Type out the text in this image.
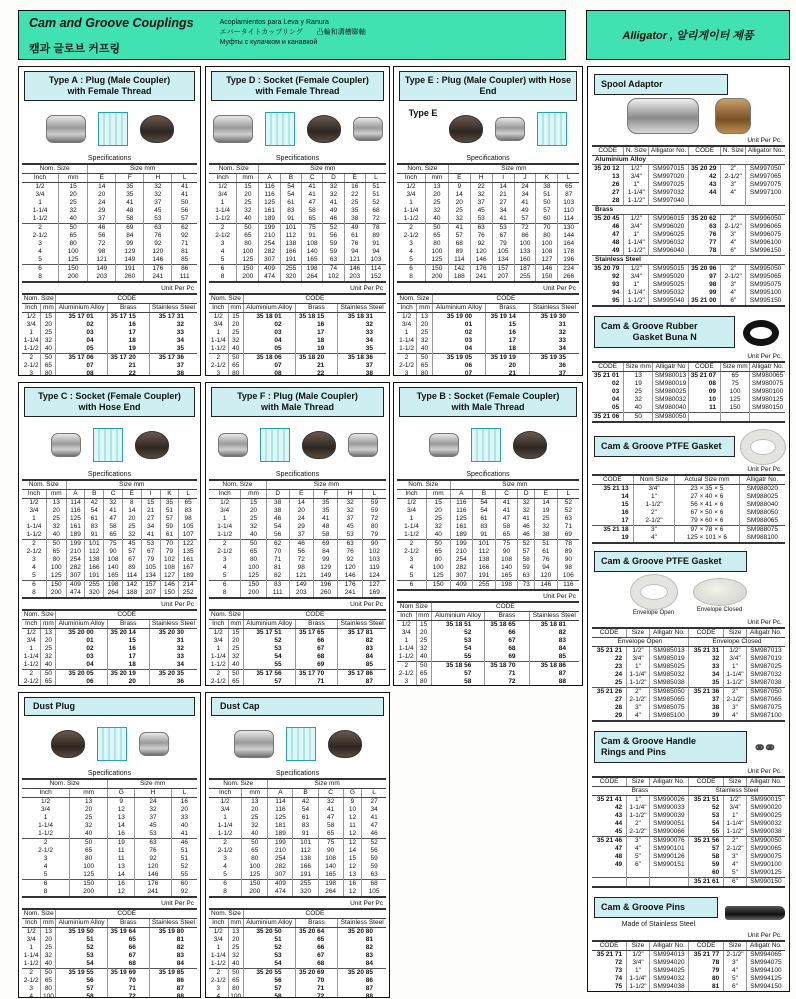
Cam and Groove Couplings
캠과 글로브 커프링
Acoplamientos para Leva y Ranura
エバータイトカップリング　　凸輪和溝槽聯軸
Муфты с кулачком и канавкой
Alligator , 알리게이터 제품
Type A : Plug (Male Coupler)
with Female Thread
Specifications
Nom. Size		Size mm			
Inch	mm	E	F	H	L
1/2	15	14	35	32	41
3/4	20	20	35	32	41
1	25	24	41	37	50
1-1/4	32	29	48	45	56
1-1/2	40	37	58	53	57
2	50	46	69	63	62
2-1/2	65	56	84	76	92
3	80	72	99	92	71
4	100	98	129	120	81
5	125	121	149	146	85
6	150	149	191	176	86
8	200	203	260	241	111
Unit Per Pc
Nom. Size		CODE		
Inch	mm	Aluminium Alloy	Brass	Stainless Steel
1/2	15	35 17 01	35 17 15	35 17 31
3/4	20	02	16	32
1	25	03	17	33
1-1/4	32	04	18	34
1-1/2	40	05	19	35
2	50	35 17 06	35 17 20	35 17 36
2-1/2	65	07	21	37
3	80	08	22	38

Type C : Socket (Female Coupler)
with Hose End
Specifications
Nom. Size		Size mm						
Inch	mm	A	B	C	E	I	K	L
1/2	13	114	42	32	8	15	35	65
3/4	20	116	54	41	14	21	51	83
1	25	125	61	47	20	27	57	98
1-1/4	32	161	83	58	25	34	59	105
1-1/2	40	189	91	65	32	41	61	107
2	50	199	101	75	45	53	70	122
2-1/2	65	210	112	90	57	67	79	135
3	80	254	138	108	67	79	102	161
4	100	282	166	140	89	105	108	167
5	125	307	191	165	114	134	127	189
6	150	409	255	198	142	157	146	214
8	200	474	320	264	188	207	150	252
Unit Per Pc
Nom. Size		CODE		
Inch	mm	Aluminium Alloy	Brass	Stainless Steel
1/2	13	35 20 00	35 20 14	35 20 30
3/4	20	01	15	31
1	25	02	16	32
1-1/4	32	03	17	33
1-1/2	40	04	18	34
2	50	35 20 05	35 20 19	35 20 35
2-1/2	65	06	20	36

Dust Plug
Specifications
Nom. Size		Size mm		
Inch	mm	G	H	L
1/2	13	9	24	16
3/4	20	12	32	20
1	25	13	37	33
1-1/4	32	14	45	40
1-1/2	40	16	53	41
2	50	19	63	46
2-1/2	65	11	76	51
3	80	11	92	51
4	100	13	120	52
5	125	14	146	55
6	150	16	176	60
8	200	12	241	92
Unit Per Pc
Nom. Size		CODE		
Inch	mm	Aluminium Alloy	Brass	Stainless Steel
1/2	13	35 19 50	35 19 64	35 19 80
3/4	20	51	65	81
1	25	52	66	82
1-1/4	32	53	67	83
1-1/2	40	54	68	84
2	50	35 19 55	35 19 69	35 19 85
2-1/2	65	56	70	86
3	80	57	71	87
4	100	58	72	88

Type D : Socket (Female Coupler)
with Female Thread
Specifications
Nom. Size		Size mm					
Inch	mm	A	B	C	D	E	L
1/2	15	116	54	41	32	16	51
3/4	20	116	54	41	32	22	51
1	25	125	61	47	41	25	52
1-1/4	32	161	83	58	49	35	68
1-1/2	40	189	91	65	46	38	72
2	50	199	101	75	52	49	78
2-1/2	65	210	112	91	56	61	89
3	80	254	138	108	59	76	91
4	100	282	166	140	59	94	94
5	125	307	191	165	63	121	103
6	150	409	255	198	74	146	114
8	200	474	320	264	102	203	152
Unit Per Pc
Nom. Size		CODE		
Inch	mm	Aluminium Alloy	Brass	Stainless Steel
1/2	15	35 18 01	35 18 15	35 18 31
3/4	20	02	16	32
1	25	03	17	33
1-1/4	32	04	18	34
1-1/2	40	05	19	35
2	50	35 18 06	35 18 20	35 18 36
2-1/2	65	07	21	37
3	80	08	22	38

Type F : Plug (Male Coupler)
with Male Thread
Specifications
Nom. Size		Size mm				
Inch	mm	D	E	F	H	L
1/2	15	38	14	35	32	59
3/4	20	38	20	35	32	59
1	25	46	24	41	37	72
1-1/4	32	54	29	48	45	80
1-1/2	40	56	37	58	53	79
2	50	62	46	69	63	90
2-1/2	65	70	56	84	76	102
3	80	71	72	99	92	103
4	100	81	98	129	120	119
5	125	82	121	149	146	124
6	150	83	149	196	176	127
8	200	111	203	260	241	169
Unit Per Pc
Nom. Size		CODE		
Inch	mm	Aluminium Alloy	Brass	Stainless Steel
1/2	15	35 17 51	35 17 65	35 17 81
3/4	20	52	66	82
1	25	53	67	83
1-1/4	32	54	68	84
1-1/2	40	55	69	85
2	50	35 17 56	35 17 70	35 17 86
2-1/2	65	57	71	87

Dust Cap
Specifications
Nom. Size		Size mm				
Inch	mm	A	B	C	G	L
1/2	13	114	42	32	9	27
3/4	20	116	54	41	10	34
1	25	125	61	47	12	41
1-1/4	32	181	83	58	11	47
1-1/2	40	189	91	65	12	46
2	50	199	101	75	12	52
2-1/2	65	210	112	90	14	56
3	80	254	138	108	15	59
4	100	282	166	140	12	59
5	125	307	191	165	13	63
6	150	409	255	198	16	68
8	200	474	320	264	12	105
Unit Per Pc
Nom. Size		CODE		
Inch	mm	Aluminium Alloy	Brass	Stainless Steel
1/2	13	35 20 50	35 20 64	35 20 80
3/4	20	51	65	81
1	25	52	66	82
1-1/4	32	53	67	83
1-1/2	40	54	68	84
2	50	35 20 55	35 20 69	35 20 85
2-1/2	65	56	70	86
3	80	57	71	87
4	100	58	72	88

Type E : Plug (Male Coupler) with Hose End
Type E
Specifications
Nom. Size		Size mm					
Inch	mm	E	H	I	J	K	L
1/2	13	9	22	14	24	38	65
3/4	20	14	32	21	34	51	87
1	25	20	37	27	41	50	103
1-1/4	32	25	45	34	49	57	110
1-1/2	40	32	53	41	57	60	114
2	50	41	63	53	72	70	130
2-1/2	65	57	76	67	86	80	144
3	80	68	92	79	100	100	164
4	100	89	120	105	133	108	178
5	125	114	146	134	160	127	196
6	150	142	176	157	187	146	224
8	200	188	241	207	255	150	266
Unit Per Pc
Nom. Size		CODE		
Inch	mm	Aluminium Alloy	Brass	Stainless Steel
1/2	13	35 19 00	35 19 14	35 19 30
3/4	20	01	15	31
1	25	02	16	32
1-1/4	32	03	17	33
1-1/2	40	04	18	34
2	50	35 19 05	35 19 19	35 19 35
2-1/2	65	06	20	36
3	80	07	21	37

Type B : Socket (Female Coupler)
with Male Thread
Specifications
Nom. Size		Size mm					
Inch	mm	A	B	C	D	E	L
1/2	15	116	54	41	32	14	52
3/4	20	116	54	41	32	19	52
1	25	125	61	47	41	25	63
1-1/4	32	161	83	58	46	32	71
1-1/2	40	189	91	65	46	38	69
2	50	199	101	75	52	51	78
2-1/2	65	210	112	90	57	61	89
3	80	254	138	108	58	76	90
4	100	282	166	140	59	94	98
5	125	307	191	165	63	120	106
6	150	409	255	198	73	146	116
Unit Per Pc
Nom Size		CODE		
Inch	mm	Aluminium Alloy	Brass	Stainless Steel
1/2	15	35 18 51	35 18 65	35 18 81
3/4	20	52	66	82
1	25	53	67	83
1-1/4	32	54	68	84
1-1/2	40	55	69	85
2	50	35 18 56	35 18 70	35 18 86
2-1/2	65	57	71	87
3	80	58	72	88

Spool Adaptor
Unit Per Pc.
CODE	N. Size	Alligator No.	CODE	N. Size	Alligator No.
Aluminium Alloy					
35 20 12	1/2"	SM997015	35 20 29	2"	SM997050
13	3/4"	SM997020	42	2-1/2"	SM997065
26	1"	SM997025	43	3"	SM997075
27	1-1/4"	SM997032	44	4"	SM997100
28	1-1/2"	SM997040			
Brass					
35 20 45	1/2"	SM996015	35 20 62	2"	SM996050
46	3/4"	SM996020	63	2-1/2"	SM996065
47	1"	SM996025	76	3"	SM996075
48	1-1/4"	SM996032	77	4"	SM996100
49	1-1/2"	SM996040	78	6"	SM996150
Stainless Steel					
35 20 79	1/2"	SM995015	35 20 96	2"	SM995050
92	3/4"	SM995020	97	2-1/2"	SM995065
93	1"	SM995025	98	3"	SM995075
94	1-1/4"	SM995032	99	4"	SM995100
95	1-1/2"	SM995040	35 21 00	6"	SM995150
Cam & Groove Rubber
Gasket Buna N
Unit Per Pc.
CODE	Size mm	Alligatr No	CODE	Size mm	Alligatr No.
35 21 01	13	SM980013	35 21 07	65	SM980065
02	19	SM980019	08	75	SM980075
03	25	SM980025	09	100	SM980100
04	32	SM980032	10	125	SM980125
05	40	SM980040	11	150	SM980150
35 21 06	50	SM980050			
Cam & Groove PTFE Gasket
Unit Per Pc.
CODE	Nom Size	Actual Size mm	Alligatr No.
35 21 13	3/4"	23 × 35 × 5	SM988020
14	1"	27 × 40 × 6	SM988025
15	1-1/2"	56 × 41 × 6	SM988040
16	2"	67 × 50 × 6	SM988050
17	2-1/2"	79 × 60 × 6	SM988065
35 21 18	3"	97 × 78 × 6	SM988075
19	4"	125 × 101 × 6	SM988100
Cam & Groove PTFE Gasket
Envelope Open	Envelope Closed
Unit Per Pc.
CODE	Size	Alligatr No.	CODE	Size	Alligatr No.
Envelope Open			Envelope Closed		
35 21 21	1/2"	SM985013	35 21 31	1/2"	SM987013
22	3/4"	SM985019	32	3/4"	SM987019
23	1"	SM985025	33	1"	SM987025
24	1-1/4"	SM985032	34	1-1/4"	SM987032
25	1-1/2"	SM985038	35	1-1/2"	SM987038
35 21 26	2"	SM985050	35 21 36	2"	SM987050
27	2-1/2"	SM985065	37	2-1/2"	SM987065
28	3"	SM985075	38	3"	SM987075
29	4"	SM985100	39	4"	SM987100
Cam & Groove Handle
Rings and Pins	⚭⚭
Unit Per Pc.
CODE	Size	Alligatr No.	CODE	Size	Alligatr No.
Brass			Stainless Steel		
35 21 41	1"	SM990026	35 21 51	1/2"	SM990015
42	1-1/4"	SM990033	52	3/4"	SM990020
43	1-1/2"	SM990039	53	1"	SM990025
44	2"	SM990051	54	1-1/4"	SM990032
45	2-1/2"	SM990066	55	1-1/2"	SM990038
35 21 46	3"	SM990076	35 21 56	2"	SM990050
47	4"	SM990101	57	2-1/2"	SM990065
48	5"	SM990126	58	3"	SM990075
49	6"	SM990151	59	4"	SM990100
			60	5"	SM990125
			35 21 61	6"	SM990150
Cam & Groove Pins
Made of Stainless Steel
Unit Per Pc.
CODE	Size	Alligatr No.	CODE	Size	Alligatr No.
35 21 71	1/2"	SM994013	35 21 77	2-1/2"	SM994065
72	3/4"	SM994020	78	3"	SM994075
73	1"	SM994025	79	4"	SM994100
74	1-1/4"	SM994032	80	5"	SM994125
75	1-1/2"	SM994038	81	6"	SM994150
